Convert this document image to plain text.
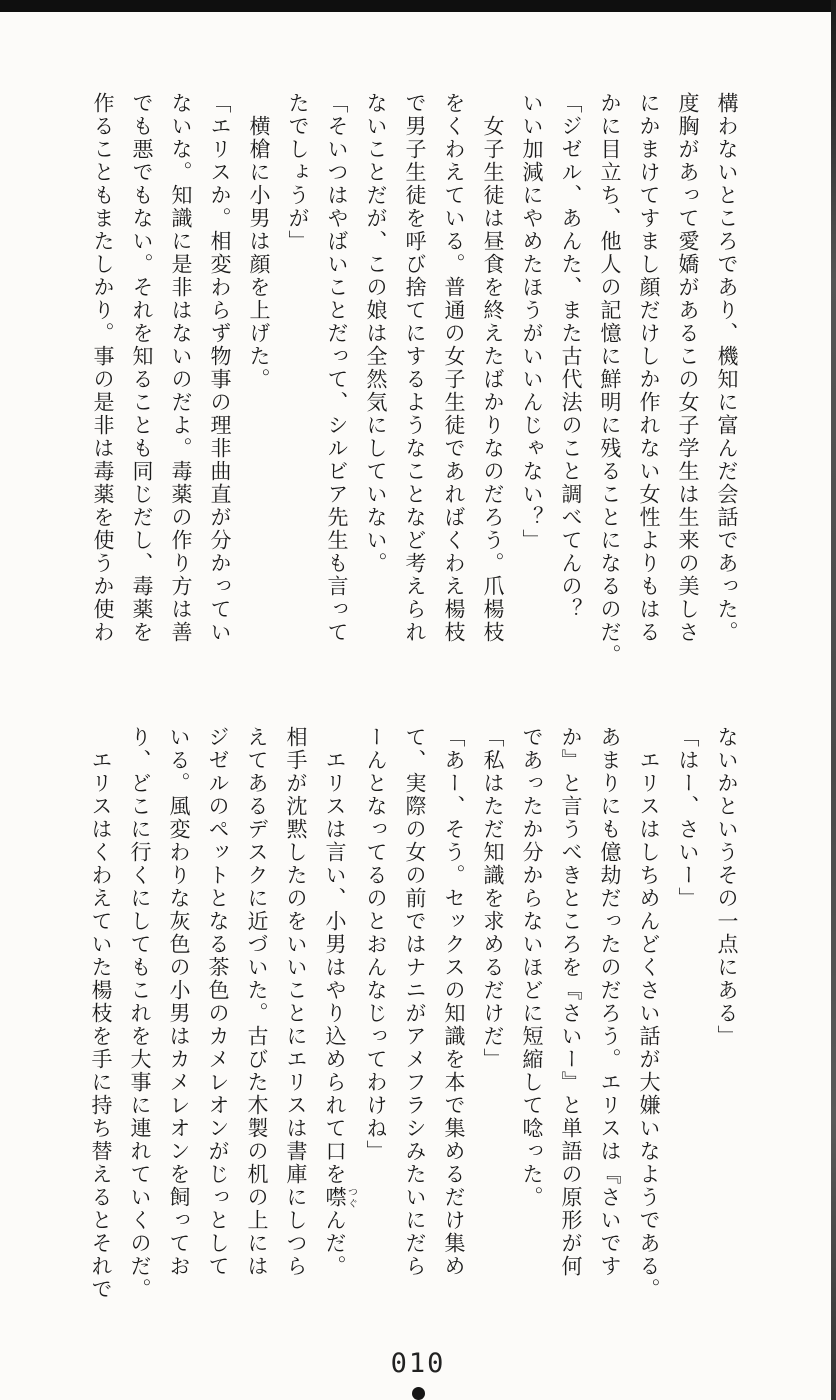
構わないところであり、機知に富んだ会話であった。

度胸があって愛嬌があるこの女子学生は生来の美しさ

にかまけてすまし顔だけしか作れない女性よりもはる

かに目立ち、他人の記憶に鮮明に残ることになるのだ。

「ジゼル、あんた、また古代法のこと調べてんの？

いい加減にやめたほうがいいんじゃない？」

　女子生徒は昼食を終えたばかりなのだろう。爪楊枝

をくわえている。普通の女子生徒であればくわえ楊枝

で男子生徒を呼び捨てにするようなことなど考えられ

ないことだが、この娘は全然気にしていない。

「そいつはやばいことだって、シルビア先生も言って

たでしょうが」

　横槍に小男は顔を上げた。

「エリスか。相変わらず物事の理非曲直が分かってい

ないな。知識に是非はないのだよ。毒薬の作り方は善

でも悪でもない。それを知ることも同じだし、毒薬を

作ることもまたしかり。事の是非は毒薬を使うか使わ

ないかというその一点にある」

「はー、さいー」

　エリスはしちめんどくさい話が大嫌いなようである。

あまりにも億劫だったのだろう。エリスは『さいです

か』と言うべきところを『さいー』と単語の原形が何

であったか分からないほどに短縮して唸った。

「私はただ知識を求めるだけだ」

「あー、そう。セックスの知識を本で集めるだけ集め

て、実際の女の前ではナニがアメフラシみたいにだら

ーんとなってるのとおんなじってわけね」

　エリスは言い、小男はやり込められて口を噤つぐんだ。

相手が沈黙したのをいいことにエリスは書庫にしつら

えてあるデスクに近づいた。古びた木製の机の上には

ジゼルのペットとなる茶色のカメレオンがじっとして

いる。風変わりな灰色の小男はカメレオンを飼ってお

り、どこに行くにしてもこれを大事に連れていくのだ。

　エリスはくわえていた楊枝を手に持ち替えるとそれで

010
